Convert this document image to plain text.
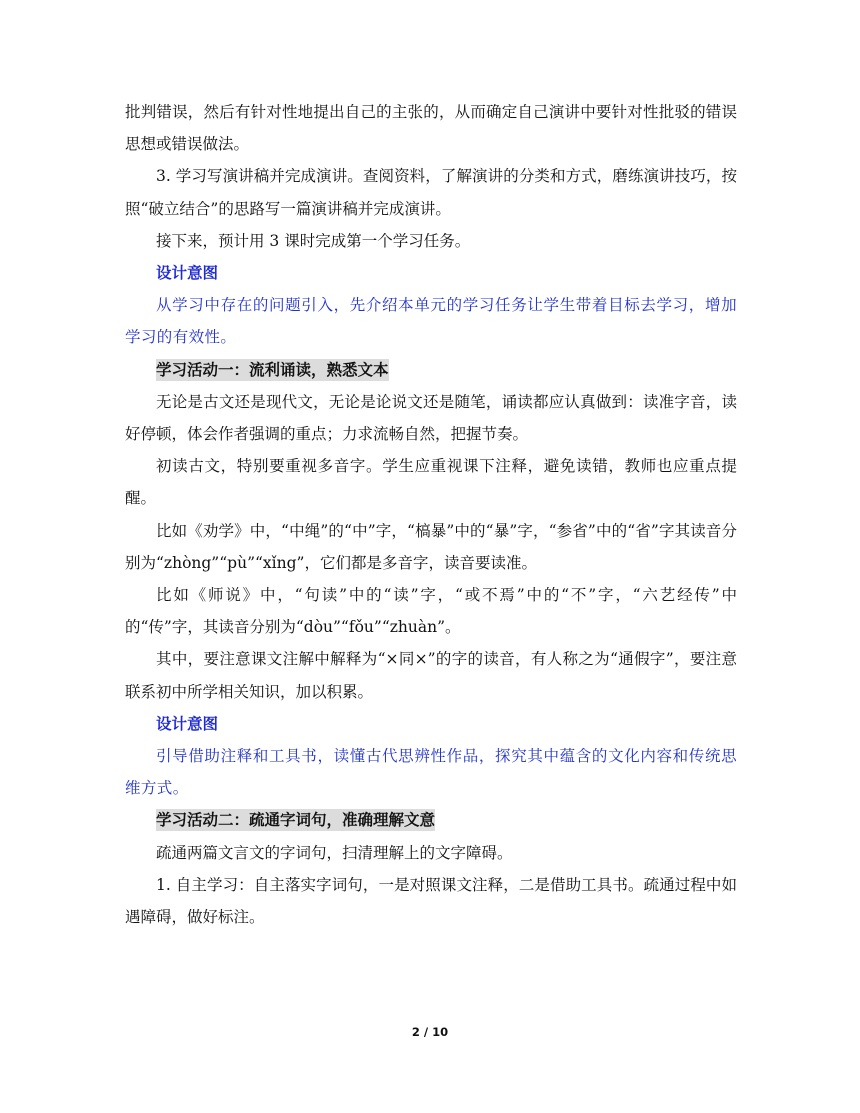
批判错误，然后有针对性地提出自己的主张的，从而确定自己演讲中要针对性批驳的错误思想或错误做法。

3. 学习写演讲稿并完成演讲。查阅资料，了解演讲的分类和方式，磨练演讲技巧，按照“破立结合”的思路写一篇演讲稿并完成演讲。

接下来，预计用 3 课时完成第一个学习任务。

设计意图

从学习中存在的问题引入，先介绍本单元的学习任务让学生带着目标去学习，增加学习的有效性。

学习活动一：流利诵读，熟悉文本

无论是古文还是现代文，无论是论说文还是随笔，诵读都应认真做到：读准字音，读好停顿，体会作者强调的重点；力求流畅自然，把握节奏。

初读古文，特别要重视多音字。学生应重视课下注释，避免读错，教师也应重点提醒。

比如《劝学》中，“中绳”的“中”字，“槁暴”中的“暴”字，“参省”中的“省”字其读音分别为“zhòng”“pù”“xǐng”，它们都是多音字，读音要读准。

比如《师说》中，“句读”中的“读”字，“或不焉”中的“不”字，“六艺经传”中的“传”字，其读音分别为“dòu”“fǒu”“zhuàn”。

其中，要注意课文注解中解释为“×同×”的字的读音，有人称之为“通假字”，要注意联系初中所学相关知识，加以积累。

设计意图

引导借助注释和工具书，读懂古代思辨性作品，探究其中蕴含的文化内容和传统思维方式。

学习活动二：疏通字词句，准确理解文意

疏通两篇文言文的字词句，扫清理解上的文字障碍。

1. 自主学习：自主落实字词句，一是对照课文注释，二是借助工具书。疏通过程中如遇障碍，做好标注。

2 / 10
